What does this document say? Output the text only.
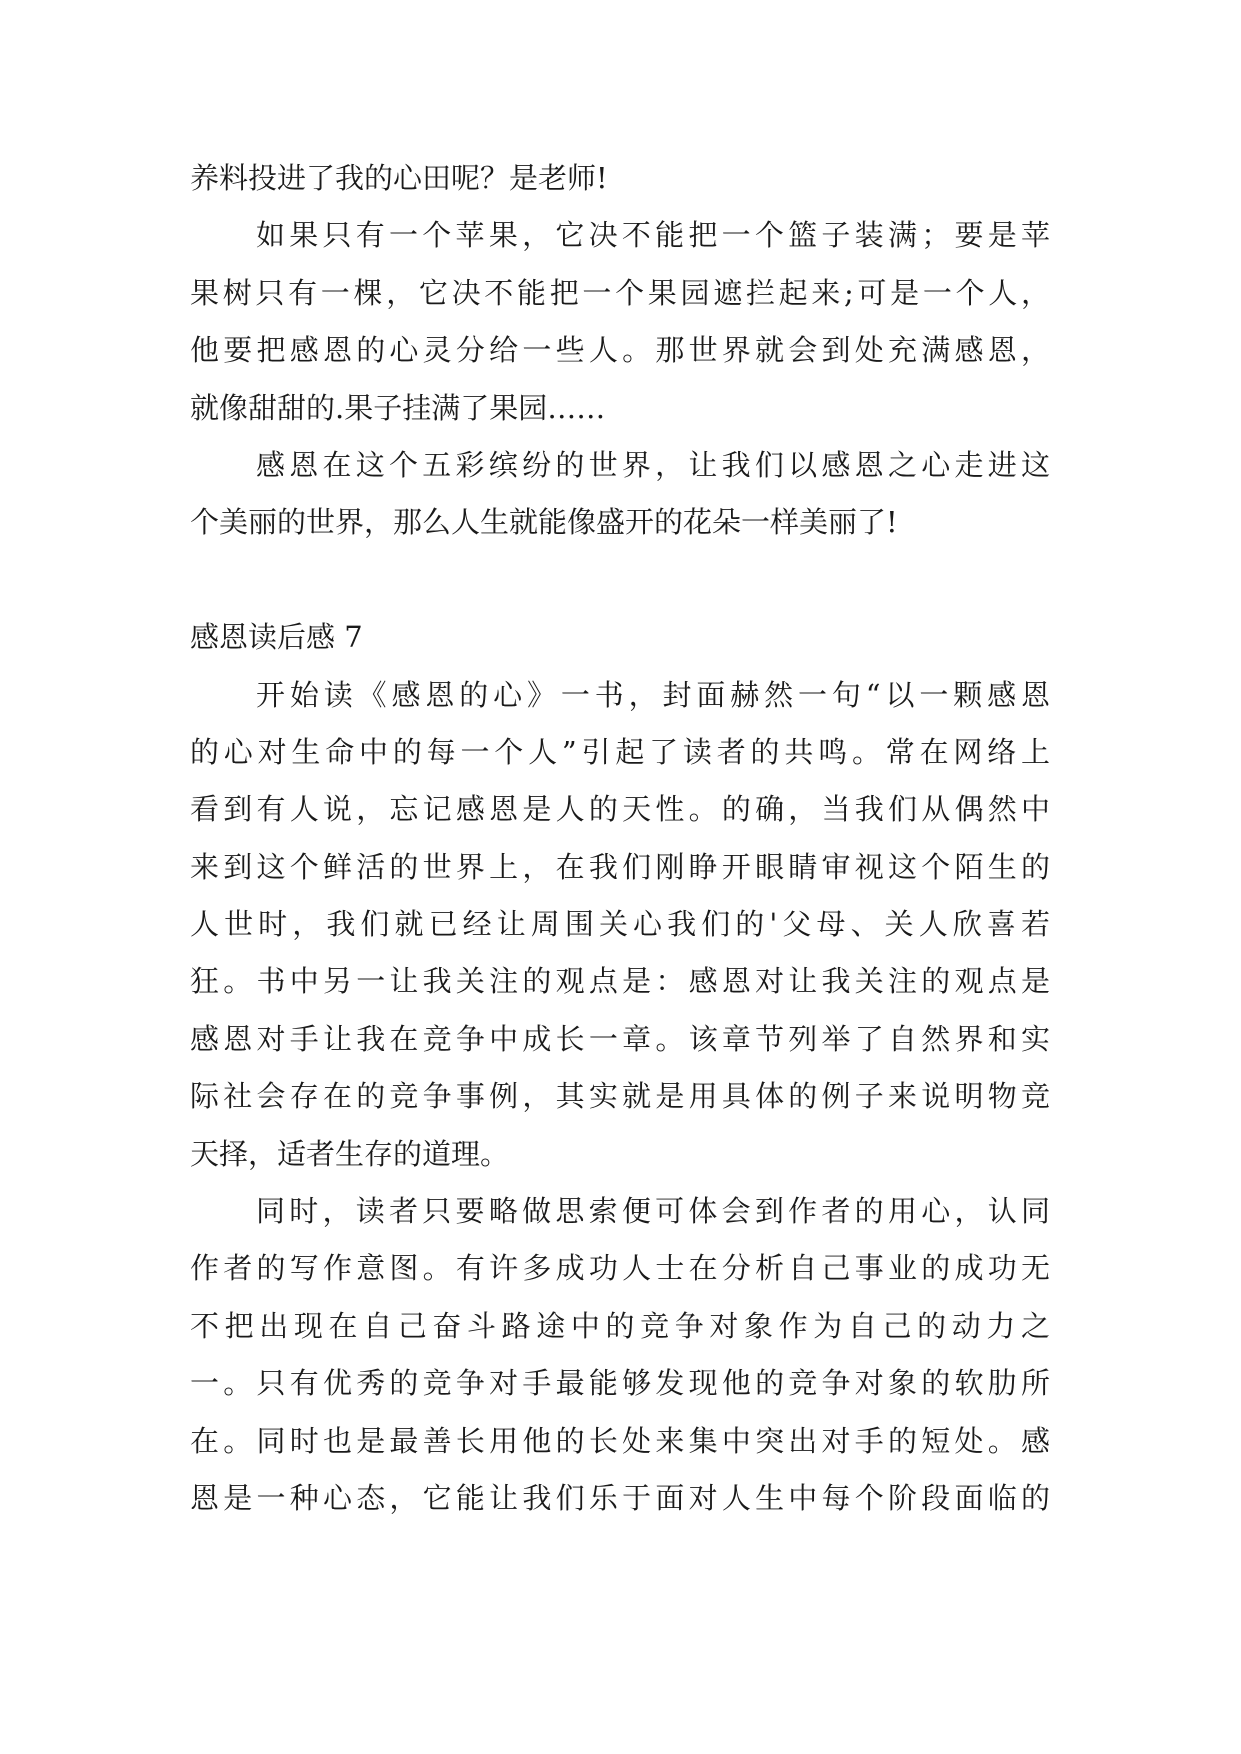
养料投进了我的心田呢？是老师!
如果只有一个苹果，它决不能把一个篮子装满；要是苹
果树只有一棵，它决不能把一个果园遮拦起来;可是一个人，
他要把感恩的心灵分给一些人。那世界就会到处充满感恩，
就像甜甜的.果子挂满了果园……
感恩在这个五彩缤纷的世界，让我们以感恩之心走进这
个美丽的世界，那么人生就能像盛开的花朵一样美丽了!
感恩读后感 7
开始读《感恩的心》一书，封面赫然一句“以一颗感恩
的心对生命中的每一个人”引起了读者的共鸣。常在网络上
看到有人说，忘记感恩是人的天性。的确，当我们从偶然中
来到这个鲜活的世界上，在我们刚睁开眼睛审视这个陌生的
人世时，我们就已经让周围关心我们的'父母、关人欣喜若
狂。书中另一让我关注的观点是：感恩对让我关注的观点是
感恩对手让我在竞争中成长一章。该章节列举了自然界和实
际社会存在的竞争事例，其实就是用具体的例子来说明物竞
天择，适者生存的道理。
同时，读者只要略做思索便可体会到作者的用心，认同
作者的写作意图。有许多成功人士在分析自己事业的成功无
不把出现在自己奋斗路途中的竞争对象作为自己的动力之
一。只有优秀的竞争对手最能够发现他的竞争对象的软肋所
在。同时也是最善长用他的长处来集中突出对手的短处。感
恩是一种心态，它能让我们乐于面对人生中每个阶段面临的
